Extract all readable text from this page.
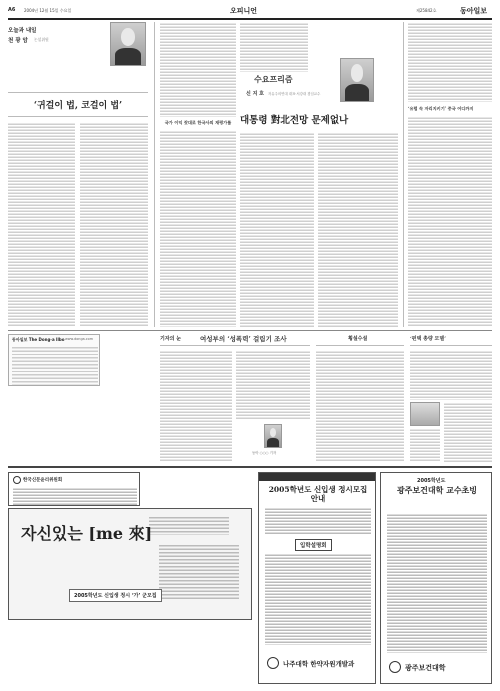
A6 2004년 12월 15일 수요일	오피니언	제25842호	동아일보
오늘과 내일
천 광 암 논설위원
‘귀걸이 법, 코걸이 법’
국가 이익 잣대로 한국사의 재평가를
수요프리즘
신 지 호 자유주의연대 대표·서강대 겸임교수
대통령 對北전망 문제없나
‘유럽 속 자리지키기’ 중국 어디까지
동아일보 The Dong-a Ilbo www.donga.com	기자의 눈	여성부의 ‘성폭력’ 걸림기 조사
동아 ○○○ 기자
횡설수설	‘펀택 총량 모델’
한국신문윤리위원회
자신있는 [me 來]
2005학년도 신입생 정시 ‘가’ 군모집
2005학년도 신입생 정시모집 안내
입학설명회
나주대학 한약자원개발과
2005학년도
광주보건대학 교수초빙
광주보건대학
